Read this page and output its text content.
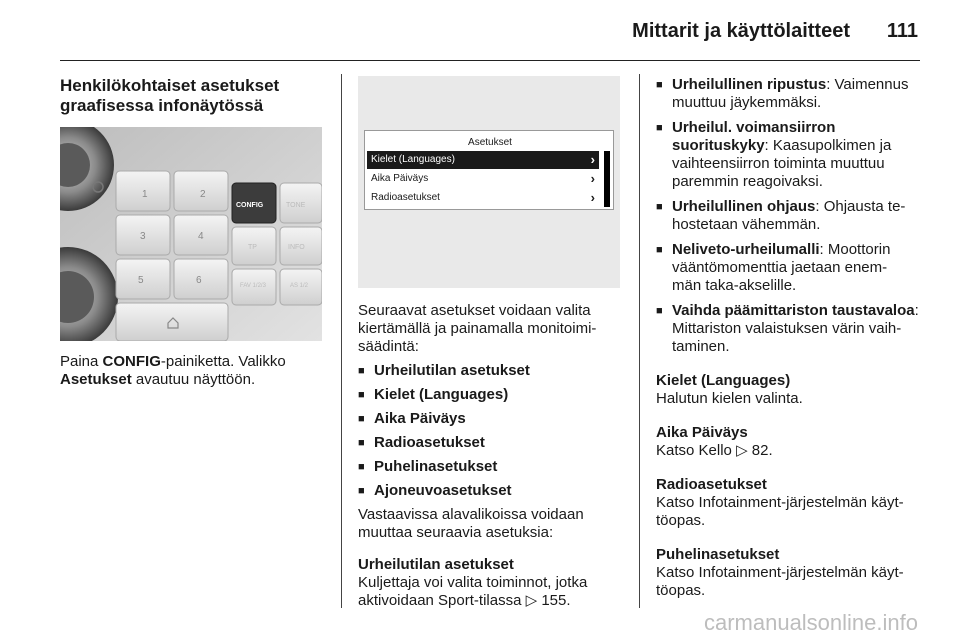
Mittarit ja käyttölaitteet 111
Henkilökohtaiset asetukset
graafisessa infonäytössä
1	2
3	4
5	6
CONFIG	TONE
TP	INFO
FAV 1/2/3	AS 1/2
Paina CONFIG-painiketta. Valikko
Asetukset avautuu näyttöön.
Asetukset
Kielet (Languages)	›
Aika Päiväys	›
Radioasetukset	›
Seuraavat asetukset voidaan valita
kiertämällä ja painamalla monitoimi-
säädintä:
■ Urheilutilan asetukset
■ Kielet (Languages)
■ Aika Päiväys
■ Radioasetukset
■ Puhelinasetukset
■ Ajoneuvoasetukset
Vastaavissa alavalikoissa voidaan
muuttaa seuraavia asetuksia:
Urheilutilan asetukset
Kuljettaja voi valita toiminnot, jotka
aktivoidaan Sport-tilassa ▷ 155.
■ Urheilullinen ripustus: Vaimennus
muuttuu jäykemmäksi.
■ Urheilul. voimansiirron
suorituskyky: Kaasupolkimen ja
vaihteensiirron toiminta muuttuu
paremmin reagoivaksi.
■ Urheilullinen ohjaus: Ohjausta te-
hostetaan vähemmän.
■ Neliveto-urheilumalli: Moottorin
vääntömomenttia jaetaan enem-
män taka-akselille.
■ Vaihda päämittariston taustavaloa:
Mittariston valaistuksen värin vaih-
taminen.
Kielet (Languages)
Halutun kielen valinta.
Aika Päiväys
Katso Kello ▷ 82.
Radioasetukset
Katso Infotainment-järjestelmän käyt-
töopas.
Puhelinasetukset
Katso Infotainment-järjestelmän käyt-
töopas.
carmanualsonline.info
